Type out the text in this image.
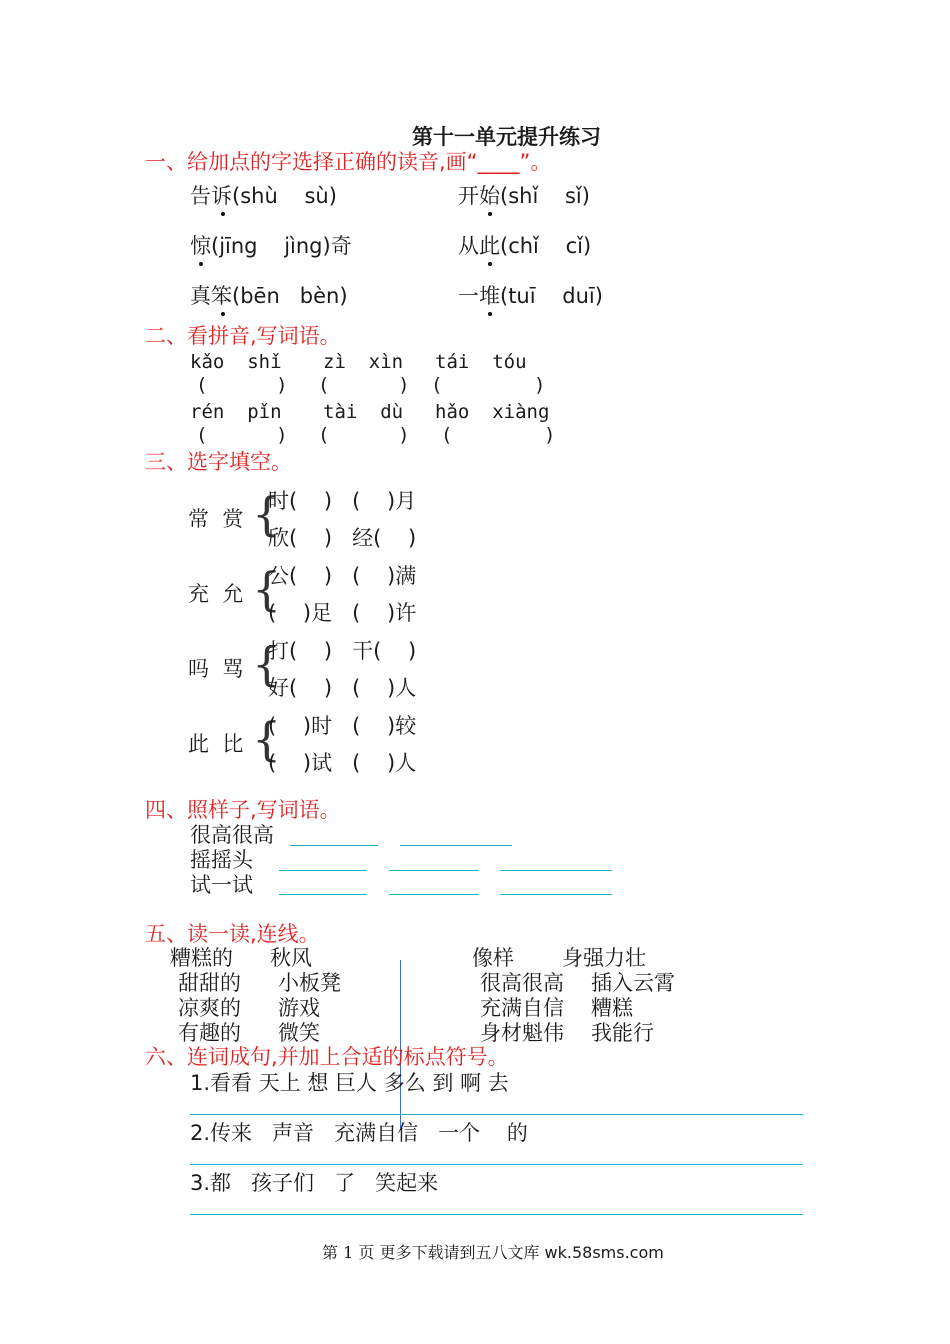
第十一单元提升练习
一、给加点的字选择正确的读音,画“____”。
告诉(shù    sù)	开始(shǐ    sǐ)
惊(jīng    jìng)奇	从此(chǐ    cǐ)
真笨(bēn   bèn)	一堆(tuī    duī)
二、看拼音,写词语。
kǎo  shǐ zì  xìn tái  tóu
(      ) (      ) (        )
rén  pǐn tài  dù hǎo  xiàng
(      ) (      ) (        )
三、选字填空。
常  赏 {
时(    )   (    )月
欣(    )   经(    )
充  允 {
公(    )   (    )满
(    )足   (    )许
吗  骂 {
打(    )   干(    )
好(    )   (    )人
此  比 {
(    )时   (    )较
(    )试   (    )人
四、照样子,写词语。
很高很高
摇摇头
试一试
五、读一读,连线。
糟糕的 秋风
甜甜的 小板凳
凉爽的 游戏
有趣的 微笑
像样 身强力壮
很高很高 插入云霄
充满自信 糟糕
身材魁伟 我能行
六、连词成句,并加上合适的标点符号。
1.看看 天上 想 巨人 多么 到 啊 去
2.传来   声音   充满自信   一个    的
3.都   孩子们   了   笑起来
第 1 页 更多下载请到五八文库 wk.58sms.com
